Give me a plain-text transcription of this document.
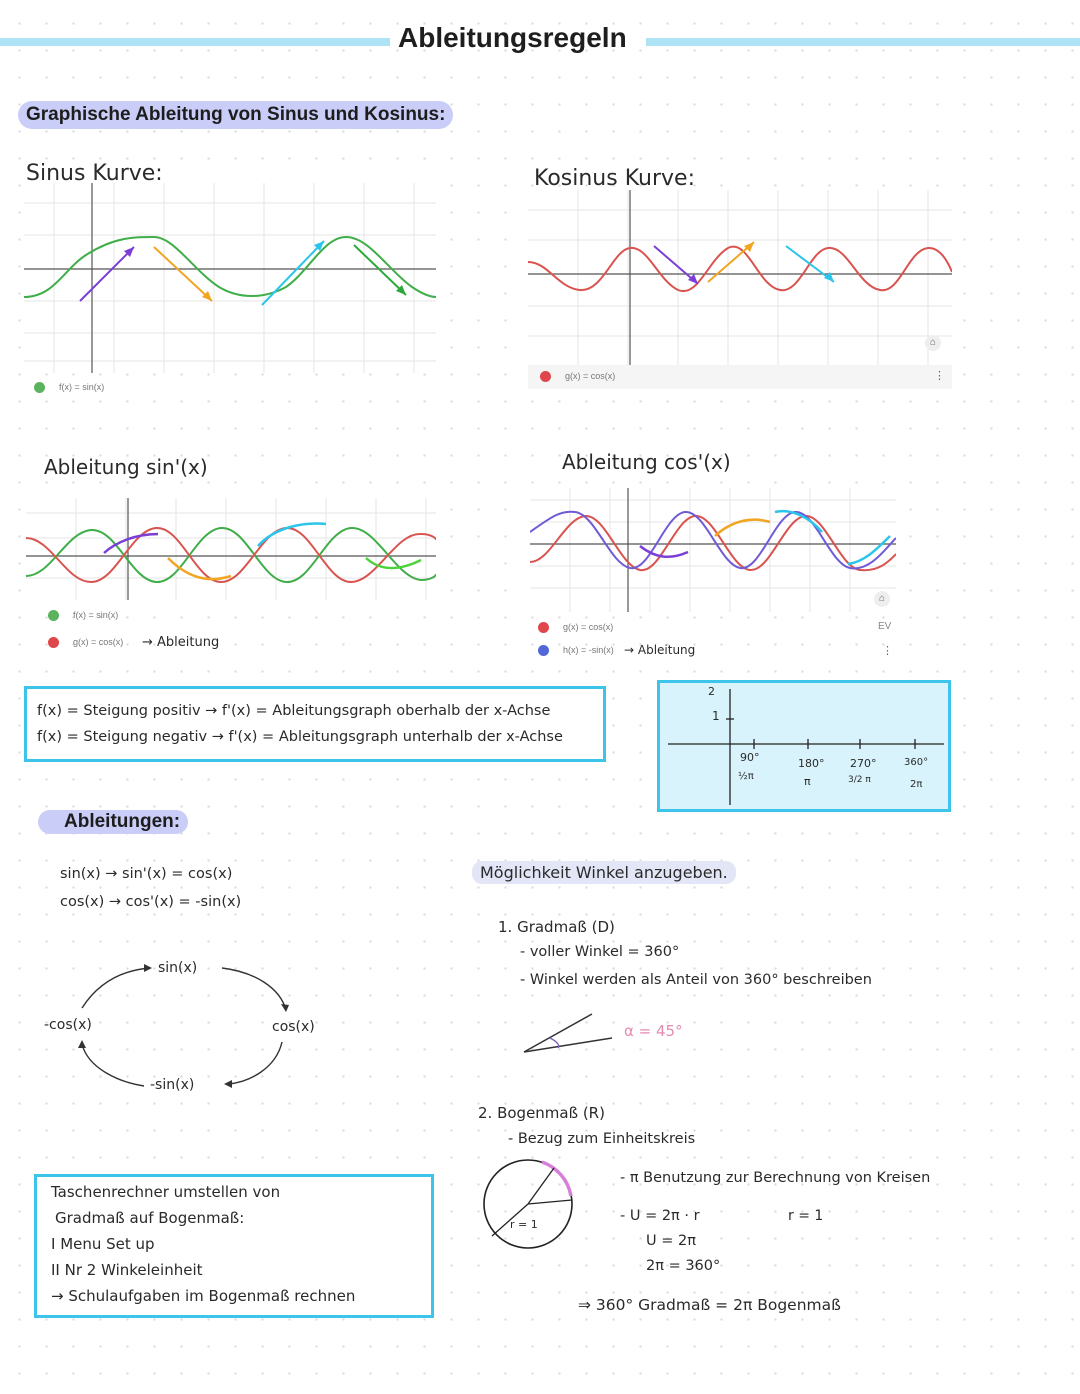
Ableitungsregeln
Graphische Ableitung von Sinus und Kosinus:
Sinus Kurve:	Kosinus Kurve:
f(x) = sin(x)
⌂
g(x) = cos(x)	⋮
Ableitung sin'(x)	Ableitung cos'(x)
f(x) = sin(x)
g(x) = cos(x) → Ableitung
⌂
EV
g(x) = cos(x)
h(x) = -sin(x) → Ableitung	⋮
f(x) = Steigung positiv → f'(x) = Ableitungsgraph oberhalb der x-Achse
f(x) = Steigung negativ → f'(x) = Ableitungsgraph unterhalb der x-Achse
2
1
90°	180° 270°	360°
½π	π	3/2 π	2π
Ableitungen:
sin(x) → sin'(x) = cos(x)
cos(x) → cos'(x) = -sin(x)
sin(x)
cos(x)
-sin(x)
-cos(x)
Taschenrechner umstellen von
Gradmaß auf Bogenmaß:
I Menu Set up
II Nr 2 Winkeleinheit
→ Schulaufgaben im Bogenmaß rechnen
Möglichkeit Winkel anzugeben.
1. Gradmaß (D)
- voller Winkel = 360°
- Winkel werden als Anteil von 360° beschreiben
α = 45°
2. Bogenmaß (R)
- Bezug zum Einheitskreis
r = 1
- π Benutzung zur Berechnung von Kreisen
- U = 2π · r	r = 1
U = 2π
2π = 360°
⇒ 360° Gradmaß = 2π Bogenmaß
